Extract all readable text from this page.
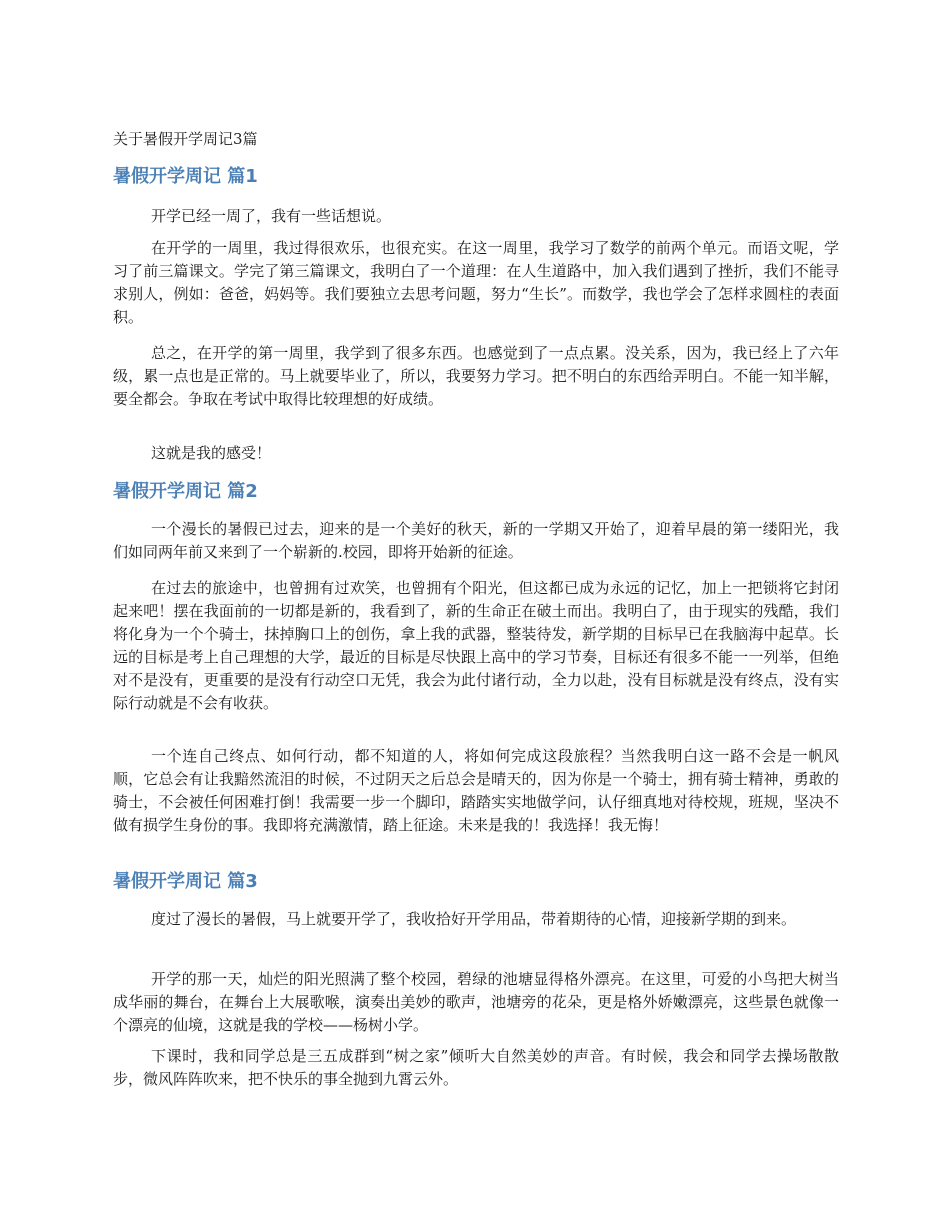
关于暑假开学周记3篇
暑假开学周记 篇1

开学已经一周了，我有一些话想说。

在开学的一周里，我过得很欢乐，也很充实。在这一周里，我学习了数学的前两个单元。而语文呢，学习了前三篇课文。学完了第三篇课文，我明白了一个道理：在人生道路中，加入我们遇到了挫折，我们不能寻求别人，例如：爸爸，妈妈等。我们要独立去思考问题，努力“生长”。而数学，我也学会了怎样求圆柱的表面积。

总之，在开学的第一周里，我学到了很多东西。也感觉到了一点点累。没关系，因为，我已经上了六年级，累一点也是正常的。马上就要毕业了，所以，我要努力学习。把不明白的东西给弄明白。不能一知半解，要全都会。争取在考试中取得比较理想的好成绩。

这就是我的感受！

暑假开学周记 篇2

一个漫长的暑假已过去，迎来的是一个美好的秋天，新的一学期又开始了，迎着早晨的第一缕阳光，我们如同两年前又来到了一个崭新的.校园，即将开始新的征途。

在过去的旅途中，也曾拥有过欢笑，也曾拥有个阳光，但这都已成为永远的记忆，加上一把锁将它封闭起来吧！摆在我面前的一切都是新的，我看到了，新的生命正在破土而出。我明白了，由于现实的残酷，我们将化身为一个个骑士，抹掉胸口上的创伤，拿上我的武器，整装待发，新学期的目标早已在我脑海中起草。长远的目标是考上自己理想的大学，最近的目标是尽快跟上高中的学习节奏，目标还有很多不能一一列举，但绝对不是没有，更重要的是没有行动空口无凭，我会为此付诸行动，全力以赴，没有目标就是没有终点，没有实际行动就是不会有收获。

一个连自己终点、如何行动，都不知道的人，将如何完成这段旅程？当然我明白这一路不会是一帆风顺，它总会有让我黯然流泪的时候，不过阴天之后总会是晴天的，因为你是一个骑士，拥有骑士精神，勇敢的骑士，不会被任何困难打倒！我需要一步一个脚印，踏踏实实地做学问，认仔细真地对待校规，班规，坚决不做有损学生身份的事。我即将充满激情，踏上征途。未来是我的！我选择！我无悔！

暑假开学周记 篇3

度过了漫长的暑假，马上就要开学了，我收拾好开学用品，带着期待的心情，迎接新学期的到来。

开学的那一天，灿烂的阳光照满了整个校园，碧绿的池塘显得格外漂亮。在这里，可爱的小鸟把大树当成华丽的舞台，在舞台上大展歌喉，演奏出美妙的歌声，池塘旁的花朵，更是格外娇嫩漂亮，这些景色就像一个漂亮的仙境，这就是我的学校——杨树小学。

下课时，我和同学总是三五成群到“树之家”倾听大自然美妙的声音。有时候，我会和同学去操场散散步，微风阵阵吹来，把不快乐的事全抛到九霄云外。
